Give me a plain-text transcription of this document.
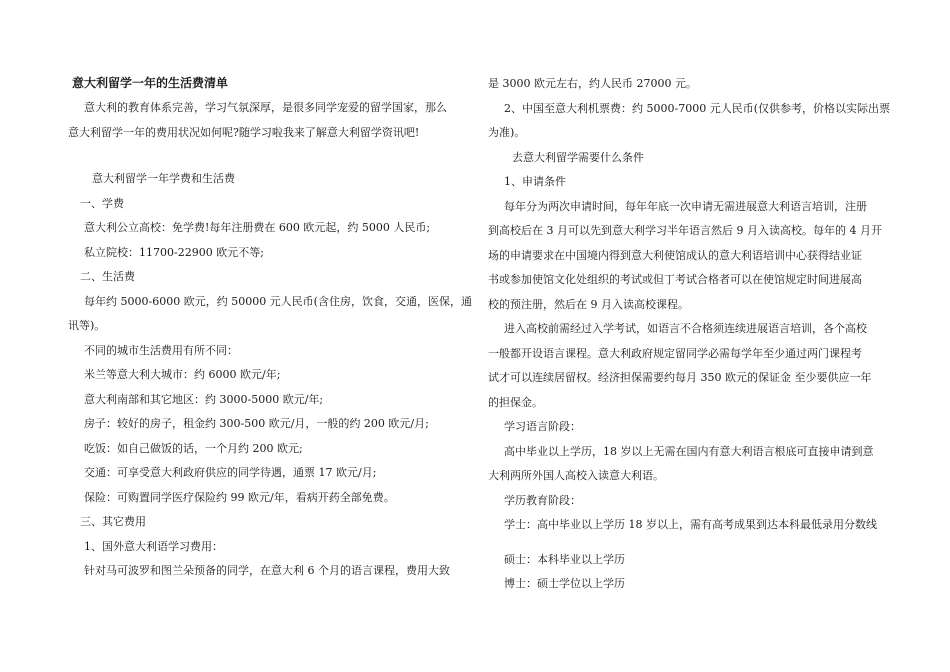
意大利留学一年的生活费清单
意大利的教育体系完善，学习气氛深厚，是很多同学宠爱的留学国家，那么
意大利留学一年的费用状况如何呢?随学习啦我来了解意大利留学资讯吧!
意大利留学一年学费和生活费
一、学费
意大利公立高校：免学费!每年注册费在 600 欧元起，约 5000 人民币;
私立院校：11700-22900 欧元不等;
二、生活费
每年约 5000-6000 欧元，约 50000 元人民币(含住房，饮食，交通，医保，通
讯等)。
不同的城市生活费用有所不同：
米兰等意大利大城市：约 6000 欧元/年;
意大利南部和其它地区：约 3000-5000 欧元/年;
房子：较好的房子，租金约 300-500 欧元/月，一般的约 200 欧元/月;
吃饭：如自己做饭的话，一个月约 200 欧元;
交通：可享受意大利政府供应的同学待遇，通票 17 欧元/月;
保险：可购置同学医疗保险约 99 欧元/年，看病开药全部免费。
三、其它费用
1、国外意大利语学习费用：
针对马可波罗和图兰朵预备的同学，在意大利 6 个月的语言课程，费用大致
是 3000 欧元左右，约人民币 27000 元。
2、中国至意大利机票费：约 5000-7000 元人民币(仅供参考，价格以实际出票
为准)。
去意大利留学需要什么条件
1、申请条件
每年分为两次申请时间，每年年底一次申请无需进展意大利语言培训，注册
到高校后在 3 月可以先到意大利学习半年语言然后 9 月入读高校。每年的 4 月开
场的申请要求在中国境内得到意大利使馆成认的意大利语培训中心获得结业证
书或参加使馆文化处组织的考试或但丁考试合格者可以在使馆规定时间进展高
校的预注册，然后在 9 月入读高校课程。
进入高校前需经过入学考试，如语言不合格须连续进展语言培训，各个高校
一般都开设语言课程。意大利政府规定留同学必需每学年至少通过两门课程考
试才可以连续居留权。经济担保需要约每月 350 欧元的保证金 至少要供应一年
的担保金。
学习语言阶段：
高中毕业以上学历，18 岁以上无需在国内有意大利语言根底可直接申请到意
大利两所外国人高校入读意大利语。
学历教育阶段：
学士：高中毕业以上学历 18 岁以上，需有高考成果到达本科最低录用分数线
硕士：本科毕业以上学历
博士：硕士学位以上学历
